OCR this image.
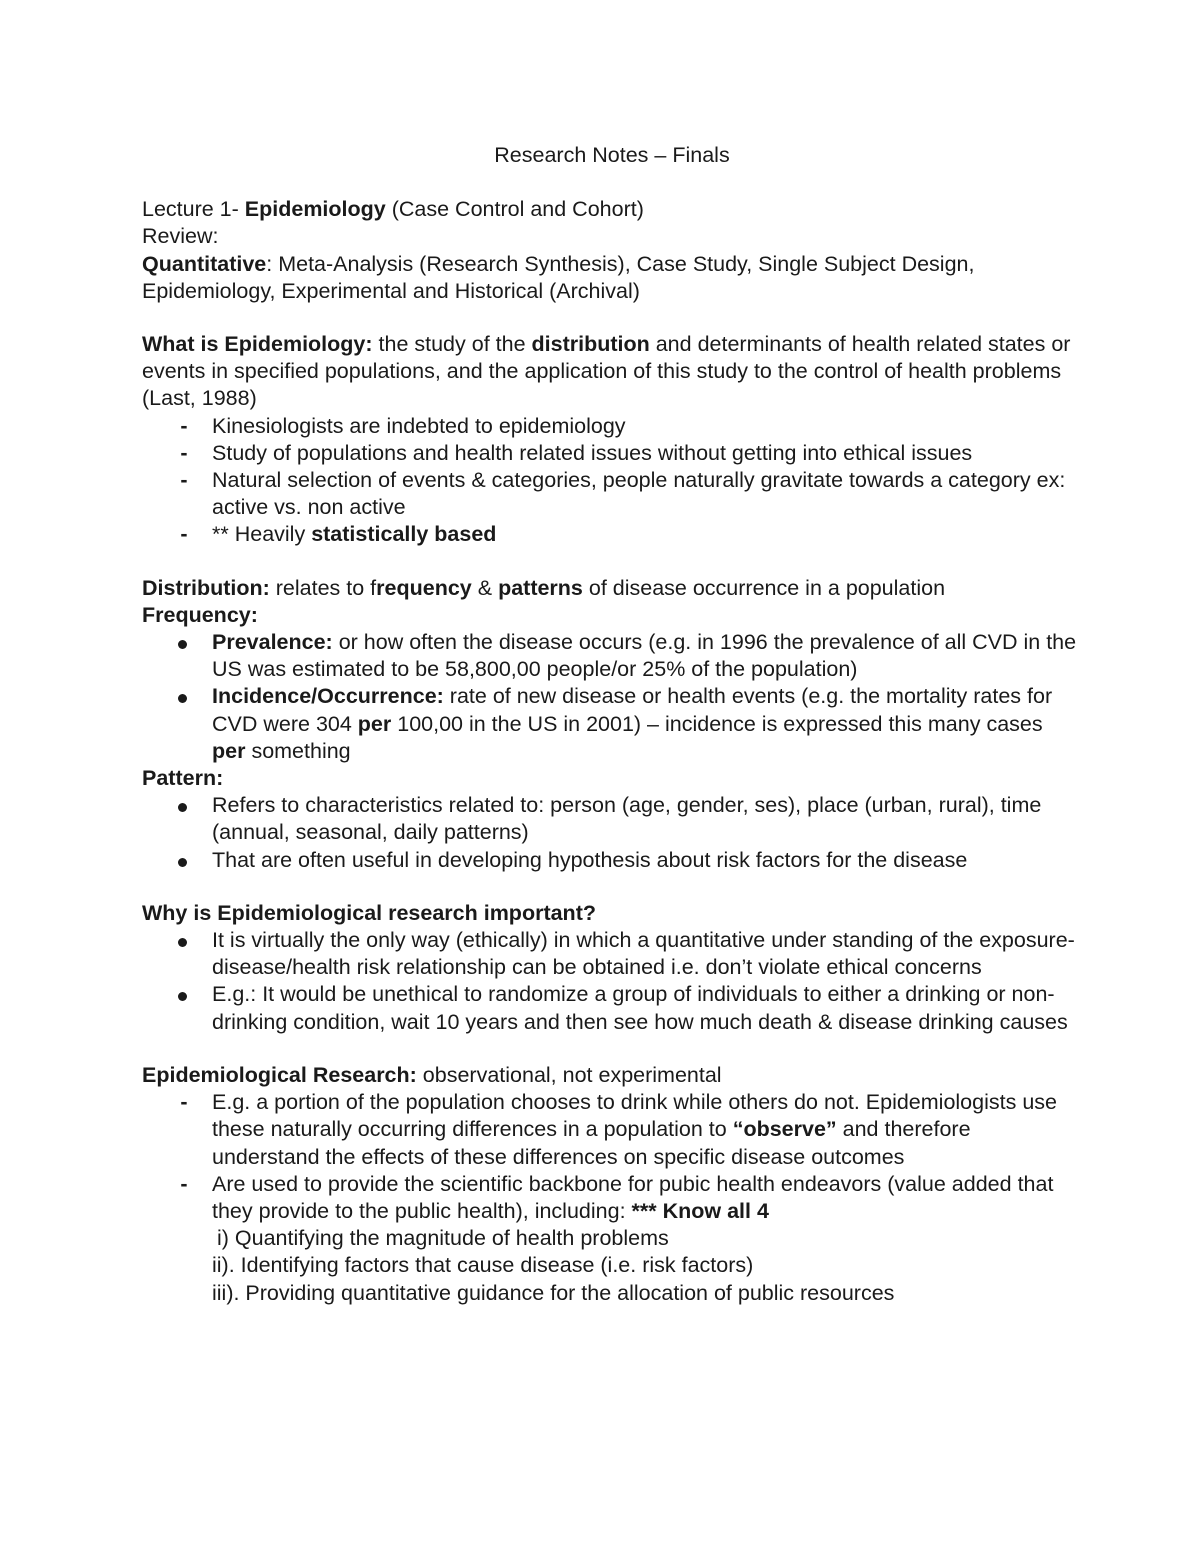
Research Notes – Finals

Lecture 1- Epidemiology (Case Control and Cohort)

Review:

Quantitative: Meta-Analysis (Research Synthesis), Case Study, Single Subject Design, Epidemiology, Experimental and Historical (Archival)

What is Epidemiology: the study of the distribution and determinants of health related states or events in specified populations, and the application of this study to the control of health problems (Last, 1988)

- Kinesiologists are indebted to epidemiology
- Study of populations and health related issues without getting into ethical issues
- Natural selection of events & categories, people naturally gravitate towards a category ex: active vs. non active
- ** Heavily statistically based

Distribution: relates to frequency & patterns of disease occurrence in a population

Frequency:

Prevalence: or how often the disease occurs (e.g. in 1996 the prevalence of all CVD in the US was estimated to be 58,800,00 people/or 25% of the population)
Incidence/Occurrence: rate of new disease or health events (e.g. the mortality rates for CVD were 304 per 100,00 in the US in 2001) – incidence is expressed this many cases per something

Pattern:

Refers to characteristics related to: person (age, gender, ses), place (urban, rural), time (annual, seasonal, daily patterns)
That are often useful in developing hypothesis about risk factors for the disease

Why is Epidemiological research important?

It is virtually the only way (ethically) in which a quantitative under standing of the exposure-disease/health risk relationship can be obtained i.e. don’t violate ethical concerns
E.g.: It would be unethical to randomize a group of individuals to either a drinking or non-drinking condition, wait 10 years and then see how much death & disease drinking causes

Epidemiological Research: observational, not experimental

- E.g. a portion of the population chooses to drink while others do not. Epidemiologists use these naturally occurring differences in a population to “observe” and therefore understand the effects of these differences on specific disease outcomes
- Are used to provide the scientific backbone for pubic health endeavors (value added that they provide to the public health), including: *** Know all 4

i) Quantifying the magnitude of health problems

ii). Identifying factors that cause disease (i.e. risk factors)

iii). Providing quantitative guidance for the allocation of public resources
